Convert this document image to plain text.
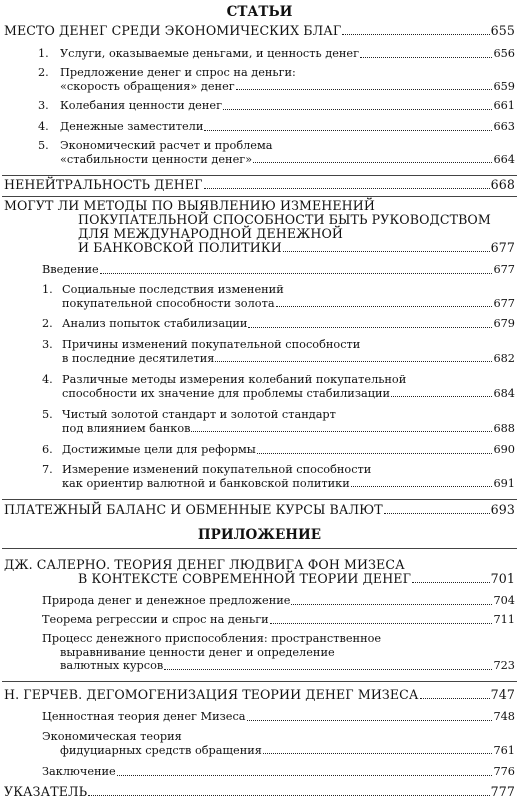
СТАТЬИ
МЕСТО ДЕНЕГ СРЕДИ ЭКОНОМИЧЕСКИХ БЛАГ	655
1. Услуги, оказываемые деньгами, и ценность денег	656
2. Предложение денег и спрос на деньги:
«скорость обращения» денег	659
3. Колебания ценности денег	661
4. Денежные заместители	663
5. Экономический расчет и проблема
«стабильности ценности денег»	664
НЕНЕЙТРАЛЬНОСТЬ ДЕНЕГ	668
МОГУТ ЛИ МЕТОДЫ ПО ВЫЯВЛЕНИЮ ИЗМЕНЕНИЙ
ПОКУПАТЕЛЬНОЙ СПОСОБНОСТИ БЫТЬ РУКОВОДСТВОМ
ДЛЯ МЕЖДУНАРОДНОЙ ДЕНЕЖНОЙ
И БАНКОВСКОЙ ПОЛИТИКИ	677
Введение	677
1. Социальные последствия изменений
покупательной способности золота	677
2. Анализ попыток стабилизации	679
3. Причины изменений покупательной способности
в последние десятилетия	682
4. Различные методы измерения колебаний покупательной
способности их значение для проблемы стабилизации	684
5. Чистый золотой стандарт и золотой стандарт
под влиянием банков	688
6. Достижимые цели для реформы	690
7. Измерение изменений покупательной способности
как ориентир валютной и банковской политики	691
ПЛАТЕЖНЫЙ БАЛАНС И ОБМЕННЫЕ КУРСЫ ВАЛЮТ	693
ПРИЛОЖЕНИЕ
ДЖ. САЛЕРНО. ТЕОРИЯ ДЕНЕГ ЛЮДВИГА ФОН МИЗЕСА
В КОНТЕКСТЕ СОВРЕМЕННОЙ ТЕОРИИ ДЕНЕГ	701
Природа денег и денежное предложение	704
Теорема регрессии и спрос на деньги	711
Процесс денежного приспособления: пространственное
выравнивание ценности денег и определение
валютных курсов	723
Н. ГЕРЧЕВ. ДЕГОМОГЕНИЗАЦИЯ ТЕОРИИ ДЕНЕГ МИЗЕСА	747
Ценностная теория денег Мизеса	748
Экономическая теория
фидуциарных средств обращения	761
Заключение	776
УКАЗАТЕЛЬ	777
